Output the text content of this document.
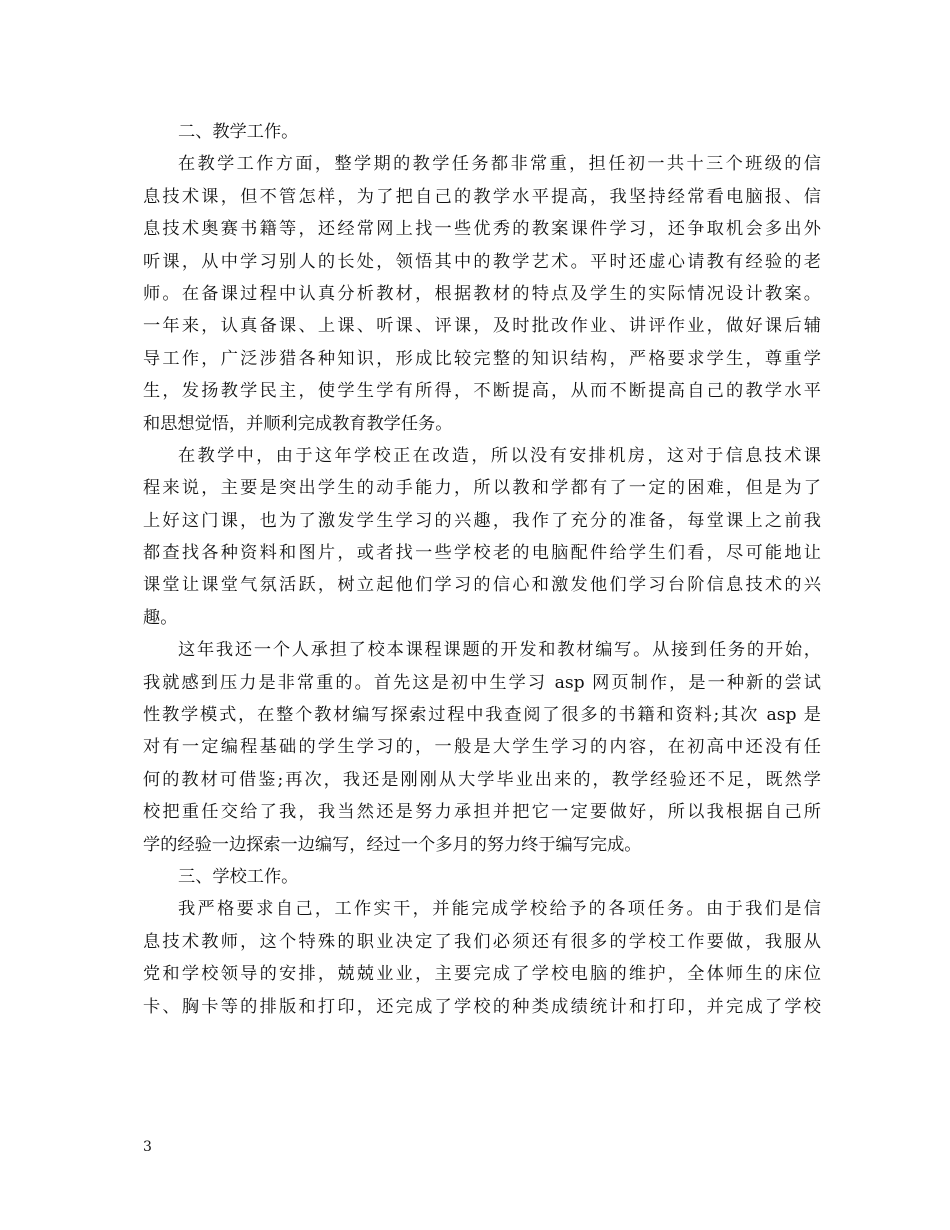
二、教学工作。
在教学工作方面，整学期的教学任务都非常重，担任初一共十三个班级的信
息技术课，但不管怎样，为了把自己的教学水平提高，我坚持经常看电脑报、信
息技术奥赛书籍等，还经常网上找一些优秀的教案课件学习，还争取机会多出外
听课，从中学习别人的长处，领悟其中的教学艺术。平时还虚心请教有经验的老
师。在备课过程中认真分析教材，根据教材的特点及学生的实际情况设计教案。
一年来，认真备课、上课、听课、评课，及时批改作业、讲评作业，做好课后辅
导工作，广泛涉猎各种知识，形成比较完整的知识结构，严格要求学生，尊重学
生，发扬教学民主，使学生学有所得，不断提高，从而不断提高自己的教学水平
和思想觉悟，并顺利完成教育教学任务。
在教学中，由于这年学校正在改造，所以没有安排机房，这对于信息技术课
程来说，主要是突出学生的动手能力，所以教和学都有了一定的困难，但是为了
上好这门课，也为了激发学生学习的兴趣，我作了充分的准备，每堂课上之前我
都查找各种资料和图片，或者找一些学校老的电脑配件给学生们看，尽可能地让
课堂让课堂气氛活跃，树立起他们学习的信心和激发他们学习台阶信息技术的兴
趣。
这年我还一个人承担了校本课程课题的开发和教材编写。从接到任务的开始，
我就感到压力是非常重的。首先这是初中生学习 asp 网页制作，是一种新的尝试
性教学模式，在整个教材编写探索过程中我查阅了很多的书籍和资料;其次 asp 是
对有一定编程基础的学生学习的，一般是大学生学习的内容，在初高中还没有任
何的教材可借鉴;再次，我还是刚刚从大学毕业出来的，教学经验还不足，既然学
校把重任交给了我，我当然还是努力承担并把它一定要做好，所以我根据自己所
学的经验一边探索一边编写，经过一个多月的努力终于编写完成。
三、学校工作。
我严格要求自己，工作实干，并能完成学校给予的各项任务。由于我们是信
息技术教师，这个特殊的职业决定了我们必须还有很多的学校工作要做，我服从
党和学校领导的安排，兢兢业业，主要完成了学校电脑的维护，全体师生的床位
卡、胸卡等的排版和打印，还完成了学校的种类成绩统计和打印，并完成了学校
3
